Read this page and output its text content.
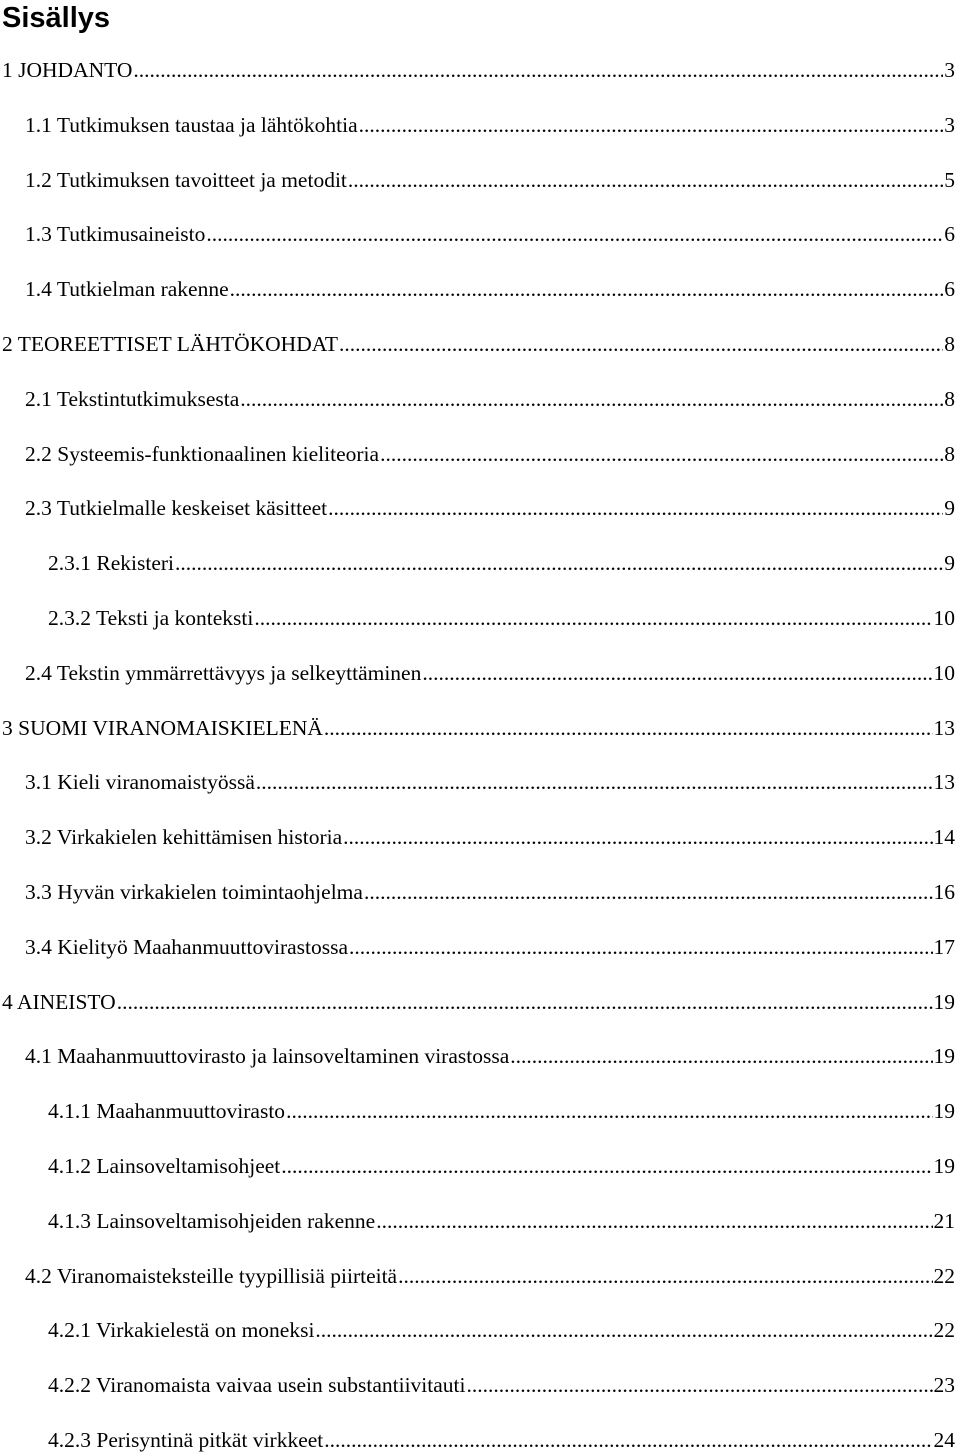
Sisällys
1 JOHDANTO .....	3
1.1 Tutkimuksen taustaa ja lähtökohtia .....	3
1.2 Tutkimuksen tavoitteet ja metodit .....	5
1.3 Tutkimusaineisto .....	6
1.4 Tutkielman rakenne .....	6
2 TEOREETTISET LÄHTÖKOHDAT .....	8
2.1 Tekstintutkimuksesta .....	8
2.2 Systeemis-funktionaalinen kieliteoria .....	8
2.3 Tutkielmalle keskeiset käsitteet .....	9
2.3.1 Rekisteri .....	9
2.3.2 Teksti ja konteksti .....	10
2.4 Tekstin ymmärrettävyys ja selkeyttäminen .....	10
3 SUOMI VIRANOMAISKIELENÄ .....	13
3.1 Kieli viranomaistyössä .....	13
3.2 Virkakielen kehittämisen historia .....	14
3.3 Hyvän virkakielen toimintaohjelma .....	16
3.4 Kielityö Maahanmuuttovirastossa .....	17
4 AINEISTO .....	19
4.1 Maahanmuuttovirasto ja lainsoveltaminen virastossa .....	19
4.1.1 Maahanmuuttovirasto .....	19
4.1.2 Lainsoveltamisohjeet .....	19
4.1.3 Lainsoveltamisohjeiden rakenne .....	21
4.2 Viranomaisteksteille tyypillisiä piirteitä .....	22
4.2.1 Virkakielestä on moneksi .....	22
4.2.2 Viranomaista vaivaa usein substantiivitauti .....	23
4.2.3 Perisyntinä pitkät virkkeet .....	24
